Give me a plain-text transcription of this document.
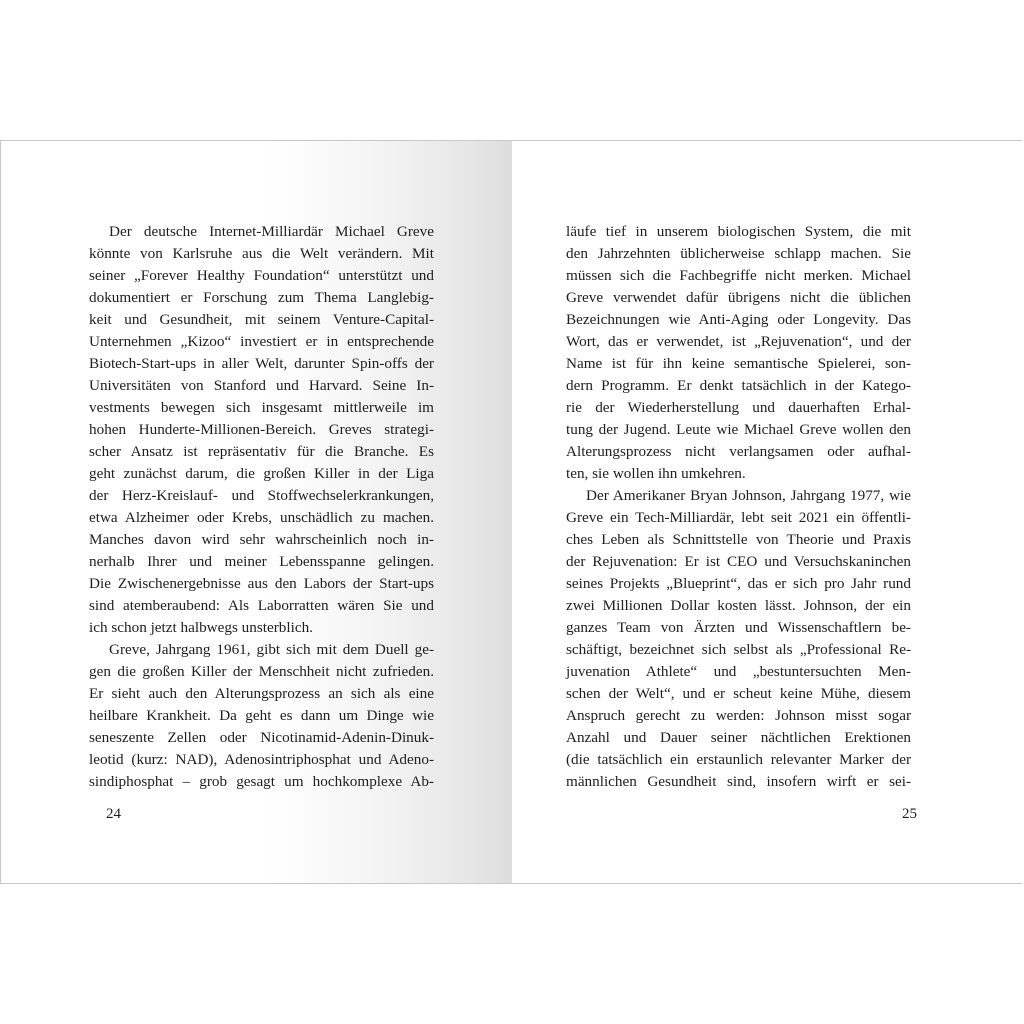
Der deutsche Internet-Milliardär Michael Greve
könnte von Karlsruhe aus die Welt verändern. Mit
seiner „Forever Healthy Foundation“ unterstützt und
dokumentiert er Forschung zum Thema Langlebig-
keit und Gesundheit, mit seinem Venture-Capital-
Unternehmen „Kizoo“ investiert er in entsprechende
Biotech-Start-ups in aller Welt, darunter Spin-offs der
Universitäten von Stanford und Harvard. Seine In-
vestments bewegen sich insgesamt mittlerweile im
hohen Hunderte-Millionen-Bereich. Greves strategi-
scher Ansatz ist repräsentativ für die Branche. Es
geht zunächst darum, die großen Killer in der Liga
der Herz-Kreislauf- und Stoffwechselerkrankungen,
etwa Alzheimer oder Krebs, unschädlich zu machen.
Manches davon wird sehr wahrscheinlich noch in-
nerhalb Ihrer und meiner Lebensspanne gelingen.
Die Zwischenergebnisse aus den Labors der Start-ups
sind atemberaubend: Als Laborratten wären Sie und
ich schon jetzt halbwegs unsterblich.
Greve, Jahrgang 1961, gibt sich mit dem Duell ge-
gen die großen Killer der Menschheit nicht zufrieden.
Er sieht auch den Alterungsprozess an sich als eine
heilbare Krankheit. Da geht es dann um Dinge wie
seneszente Zellen oder Nicotinamid-Adenin-Dinuk-
leotid (kurz: NAD), Adenosintriphosphat und Adeno-
sindiphosphat – grob gesagt um hochkomplexe Ab-
24
läufe tief in unserem biologischen System, die mit
den Jahrzehnten üblicherweise schlapp machen. Sie
müssen sich die Fachbegriffe nicht merken. Michael
Greve verwendet dafür übrigens nicht die üblichen
Bezeichnungen wie Anti-Aging oder Longevity. Das
Wort, das er verwendet, ist „Rejuvenation“, und der
Name ist für ihn keine semantische Spielerei, son-
dern Programm. Er denkt tatsächlich in der Katego-
rie der Wiederherstellung und dauerhaften Erhal-
tung der Jugend. Leute wie Michael Greve wollen den
Alterungsprozess nicht verlangsamen oder aufhal-
ten, sie wollen ihn umkehren.
Der Amerikaner Bryan Johnson, Jahrgang 1977, wie
Greve ein Tech-Milliardär, lebt seit 2021 ein öffentli-
ches Leben als Schnittstelle von Theorie und Praxis
der Rejuvenation: Er ist CEO und Versuchskaninchen
seines Projekts „Blueprint“, das er sich pro Jahr rund
zwei Millionen Dollar kosten lässt. Johnson, der ein
ganzes Team von Ärzten und Wissenschaftlern be-
schäftigt, bezeichnet sich selbst als „Professional Re-
juvenation Athlete“ und „bestuntersuchten Men-
schen der Welt“, und er scheut keine Mühe, diesem
Anspruch gerecht zu werden: Johnson misst sogar
Anzahl und Dauer seiner nächtlichen Erektionen
(die tatsächlich ein erstaunlich relevanter Marker der
männlichen Gesundheit sind, insofern wirft er sei-
25
